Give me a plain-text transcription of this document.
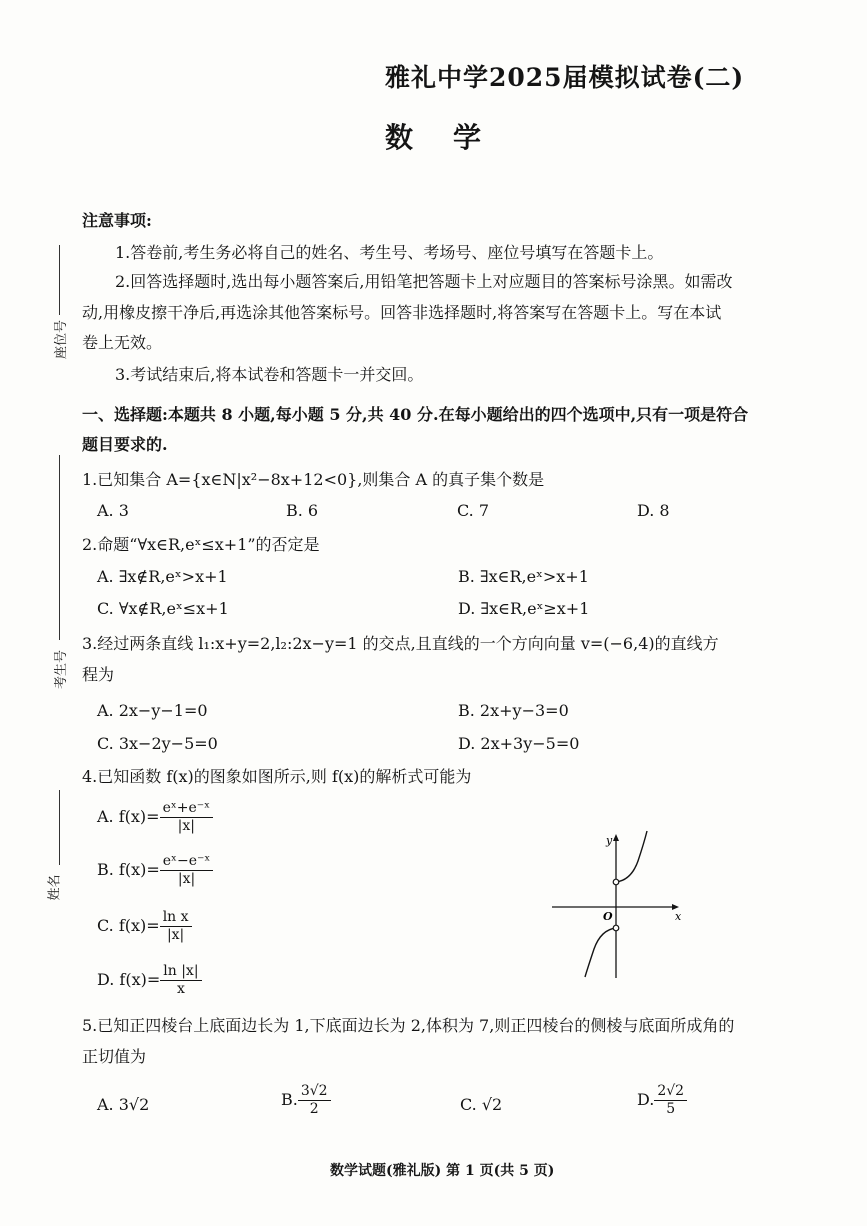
雅礼中学2025届模拟试卷(二)
数学
座位号
考生号
姓名
注意事项:
1.答卷前,考生务必将自己的姓名、考生号、考场号、座位号填写在答题卡上。
2.回答选择题时,选出每小题答案后,用铅笔把答题卡上对应题目的答案标号涂黑。如需改
动,用橡皮擦干净后,再选涂其他答案标号。回答非选择题时,将答案写在答题卡上。写在本试
卷上无效。
3.考试结束后,将本试卷和答题卡一并交回。
一、选择题:本题共 8 小题,每小题 5 分,共 40 分.在每小题给出的四个选项中,只有一项是符合
题目要求的.
1.已知集合 A={x∈N|x²−8x+12<0},则集合 A 的真子集个数是
A. 3	B. 6	C. 7	D. 8
2.命题“∀x∈R,eˣ≤x+1”的否定是
A. ∃x∉R,eˣ>x+1	B. ∃x∈R,eˣ>x+1
C. ∀x∉R,eˣ≤x+1	D. ∃x∈R,eˣ≥x+1
3.经过两条直线 l₁:x+y=2,l₂:2x−y=1 的交点,且直线的一个方向向量 v=(−6,4)的直线方
程为
A. 2x−y−1=0	B. 2x+y−3=0
C. 3x−2y−5=0	D. 2x+3y−5=0
4.已知函数 f(x)的图象如图所示,则 f(x)的解析式可能为
A. $f(x)= \frac{\text{eˣ+e⁻ˣ}}{|x|}$
B. $f(x)= \frac{\text{eˣ−e⁻ˣ}}{|x|}$
C. $f(x)= \frac{\text{ln x}}{|x|}$
D. $f(x)= \frac{\ln |x|}{x}$
y
x
O
5.已知正四棱台上底面边长为 1,下底面边长为 2,体积为 7,则正四棱台的侧棱与底面所成角的
正切值为
A. 3√2	B. $\frac{3√2}{2}$	C. √2	D. $\frac{2√2}{5}$
数学试题(雅礼版) 第 1 页(共 5 页)
